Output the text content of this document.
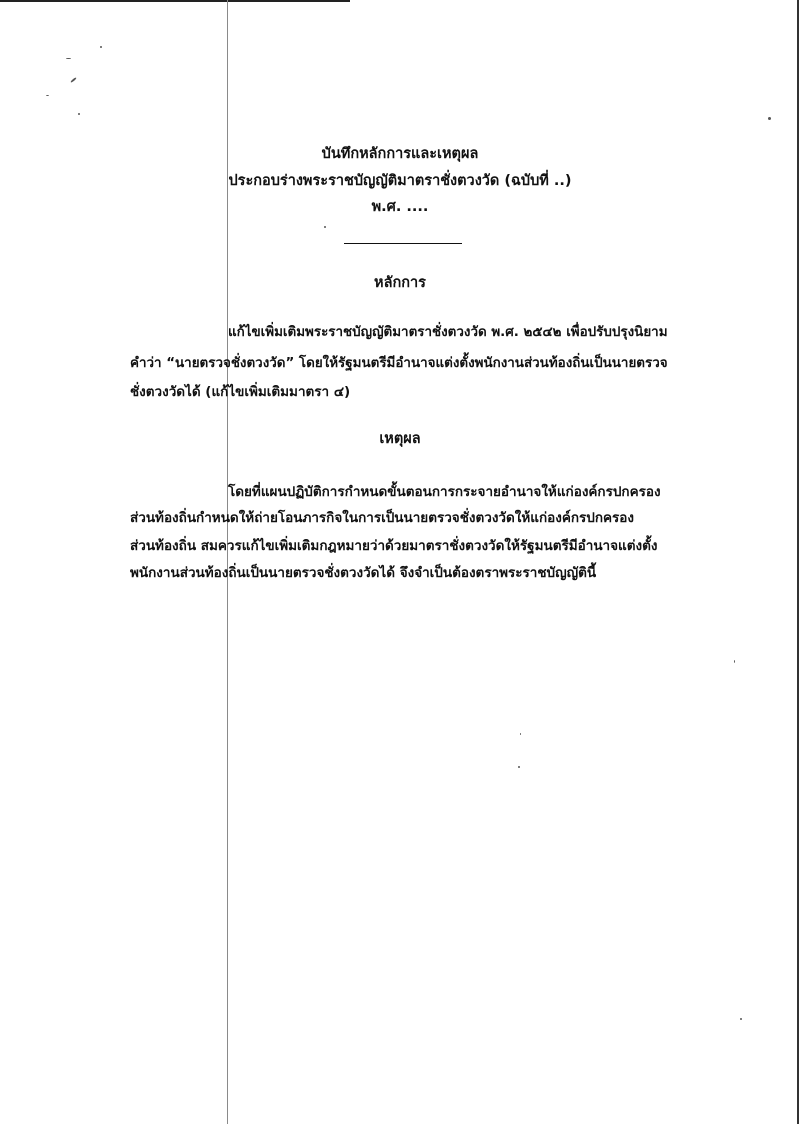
บันทึกหลักการและเหตุผล
ประกอบร่างพระราชบัญญัติมาตราชั่งตวงวัด (ฉบับที่ ..)
พ.ศ. ....
หลักการ
แก้ไขเพิ่มเติมพระราชบัญญัติมาตราชั่งตวงวัด พ.ศ. ๒๕๔๒ เพื่อปรับปรุงนิยาม
คำว่า “นายตรวจชั่งตวงวัด” โดยให้รัฐมนตรีมีอำนาจแต่งตั้งพนักงานส่วนท้องถิ่นเป็นนายตรวจ
ชั่งตวงวัดได้ (แก้ไขเพิ่มเติมมาตรา ๔)
เหตุผล
โดยที่แผนปฏิบัติการกำหนดขั้นตอนการกระจายอำนาจให้แก่องค์กรปกครอง
ส่วนท้องถิ่นกำหนดให้ถ่ายโอนภารกิจในการเป็นนายตรวจชั่งตวงวัดให้แก่องค์กรปกครอง
ส่วนท้องถิ่น สมควรแก้ไขเพิ่มเติมกฎหมายว่าด้วยมาตราชั่งตวงวัดให้รัฐมนตรีมีอำนาจแต่งตั้ง
พนักงานส่วนท้องถิ่นเป็นนายตรวจชั่งตวงวัดได้ จึงจำเป็นต้องตราพระราชบัญญัตินี้
